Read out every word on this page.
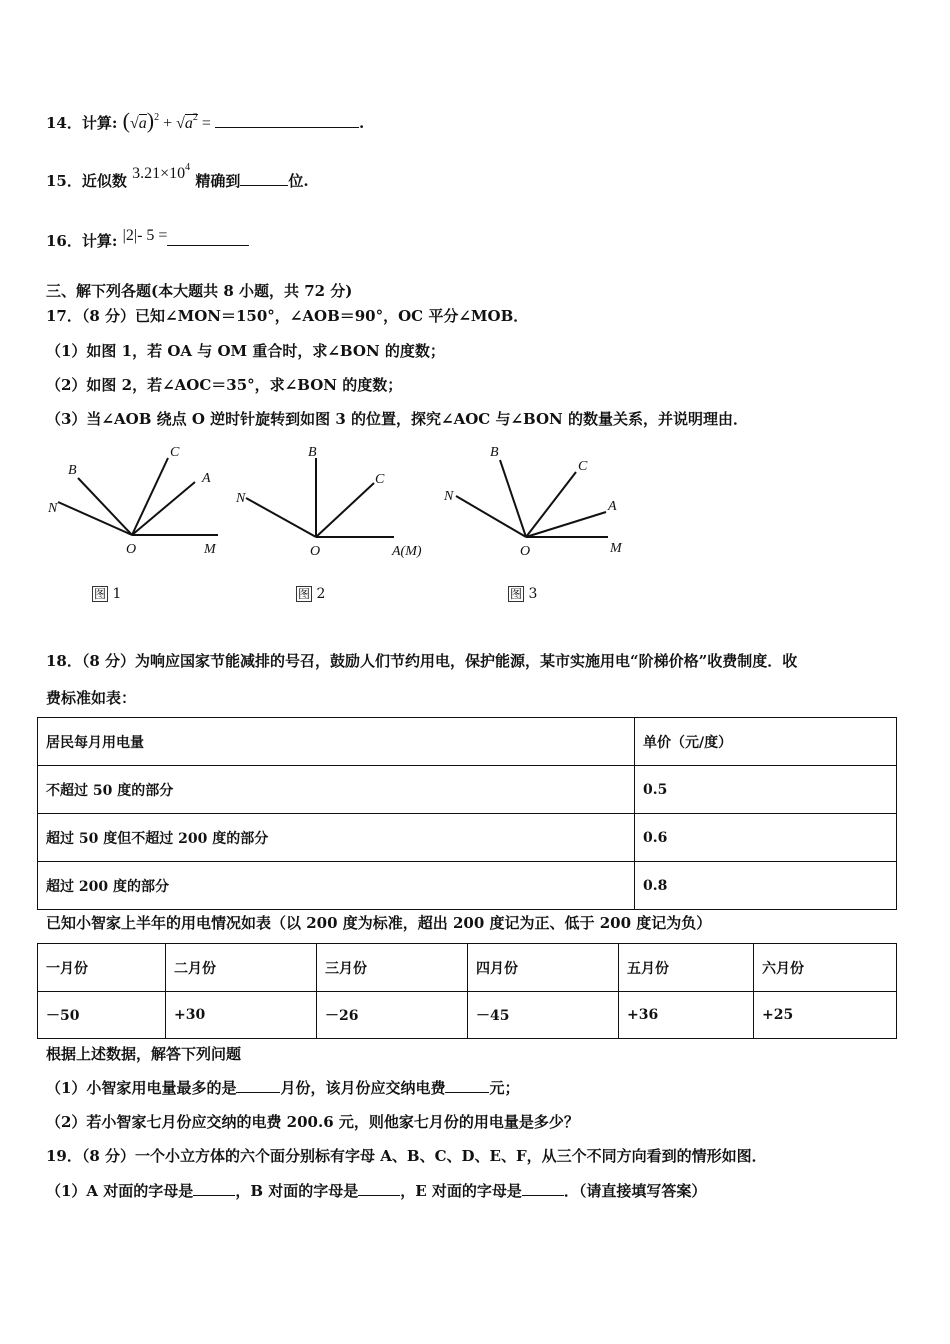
14．计算: $(√a)^2 + √a^2$ =	.
15．近似数 $3.21\times 10^4$ 精确到	位.
16．计算: |2|- 5 =
三、解下列各题(本大题共 8 小题，共 72 分)
17．（8 分）已知∠MON＝150°，∠AOB＝90°，OC 平分∠MOB．
（1）如图 1，若 OA 与 OM 重合时，求∠BON 的度数；
（2）如图 2，若∠AOC＝35°，求∠BON 的度数；
（3）当∠AOB 绕点 O 逆时针旋转到如图 3 的位置，探究∠AOC 与∠BON 的数量关系，并说明理由．
B
C
A
N
O	M
B
C
N
O	A(M)
B
C
A
N
O	M
图 1	图 2	图 3
18．（8 分）为响应国家节能减排的号召，鼓励人们节约用电，保护能源，某市实施用电“阶梯价格”收费制度．收
费标准如表：
居民每月用电量	单价（元/度）
不超过 50 度的部分	0.5
超过 50 度但不超过 200 度的部分	0.6
超过 200 度的部分	0.8
已知小智家上半年的用电情况如表（以 200 度为标准，超出 200 度记为正、低于 200 度记为负）
一月份	二月份	三月份	四月份	五月份	六月份
－50	+30	－26	－45	+36	+25
根据上述数据，解答下列问题
（1）小智家用电量最多的是	月份，该月份应交纳电费	元；
（2）若小智家七月份应交纳的电费 200.6 元，则他家七月份的用电量是多少？
19．（8 分）一个小立方体的六个面分别标有字母 A、B、C、D、E、F，从三个不同方向看到的情形如图．
（1）A 对面的字母是	，B 对面的字母是	，E 对面的字母是	．（请直接填写答案）
